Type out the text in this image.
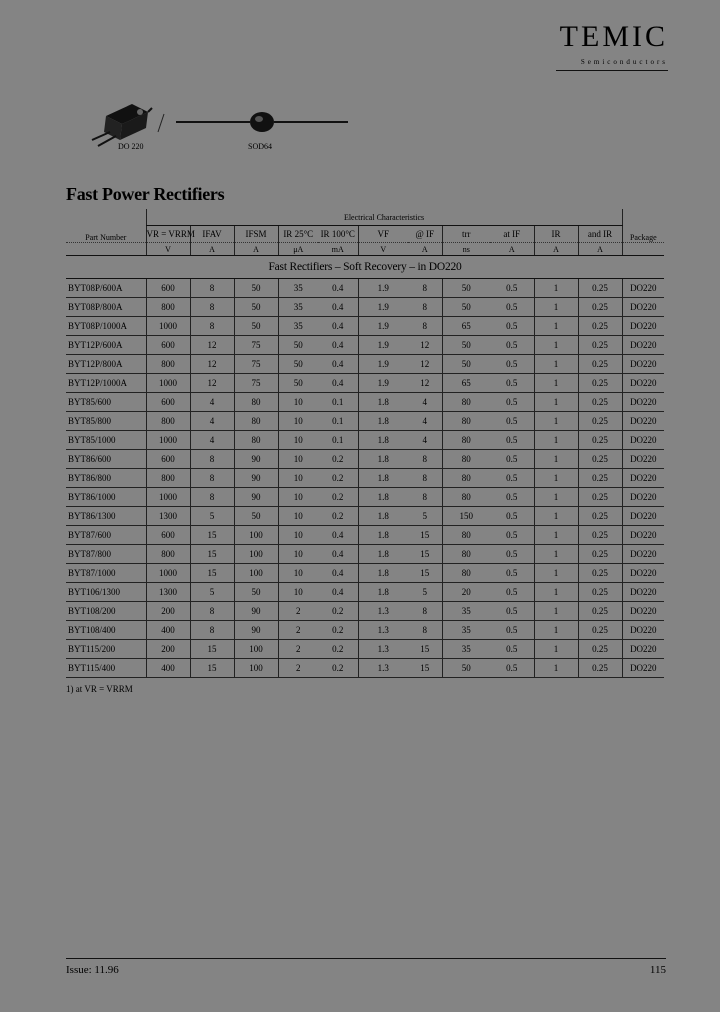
TEMIC
Semiconductors
DO 220	SOD64
Fast Power Rectifiers
Part Number	Electrical Characteristics											Package
	VR = VRRM	IFAV	IFSM	IR 25°C	IR 100°C	VF	@ IF	trr	at IF	IR	and IR	
	V	A	A	μA	mA	V	A	ns	A	A	A	
Fast Rectifiers – Soft Recovery – in DO220												
BYT08P/600A	600	8	50	35	0.4	1.9	8	50	0.5	1	0.25	DO220
BYT08P/800A	800	8	50	35	0.4	1.9	8	50	0.5	1	0.25	DO220
BYT08P/1000A	1000	8	50	35	0.4	1.9	8	65	0.5	1	0.25	DO220
BYT12P/600A	600	12	75	50	0.4	1.9	12	50	0.5	1	0.25	DO220
BYT12P/800A	800	12	75	50	0.4	1.9	12	50	0.5	1	0.25	DO220
BYT12P/1000A	1000	12	75	50	0.4	1.9	12	65	0.5	1	0.25	DO220
BYT85/600	600	4	80	10	0.1	1.8	4	80	0.5	1	0.25	DO220
BYT85/800	800	4	80	10	0.1	1.8	4	80	0.5	1	0.25	DO220
BYT85/1000	1000	4	80	10	0.1	1.8	4	80	0.5	1	0.25	DO220
BYT86/600	600	8	90	10	0.2	1.8	8	80	0.5	1	0.25	DO220
BYT86/800	800	8	90	10	0.2	1.8	8	80	0.5	1	0.25	DO220
BYT86/1000	1000	8	90	10	0.2	1.8	8	80	0.5	1	0.25	DO220
BYT86/1300	1300	5	50	10	0.2	1.8	5	150	0.5	1	0.25	DO220
BYT87/600	600	15	100	10	0.4	1.8	15	80	0.5	1	0.25	DO220
BYT87/800	800	15	100	10	0.4	1.8	15	80	0.5	1	0.25	DO220
BYT87/1000	1000	15	100	10	0.4	1.8	15	80	0.5	1	0.25	DO220
BYT106/1300	1300	5	50	10	0.4	1.8	5	20	0.5	1	0.25	DO220
BYT108/200	200	8	90	2	0.2	1.3	8	35	0.5	1	0.25	DO220
BYT108/400	400	8	90	2	0.2	1.3	8	35	0.5	1	0.25	DO220
BYT115/200	200	15	100	2	0.2	1.3	15	35	0.5	1	0.25	DO220
BYT115/400	400	15	100	2	0.2	1.3	15	50	0.5	1	0.25	DO220
1) at VR = VRRM
Issue: 11.96	115
